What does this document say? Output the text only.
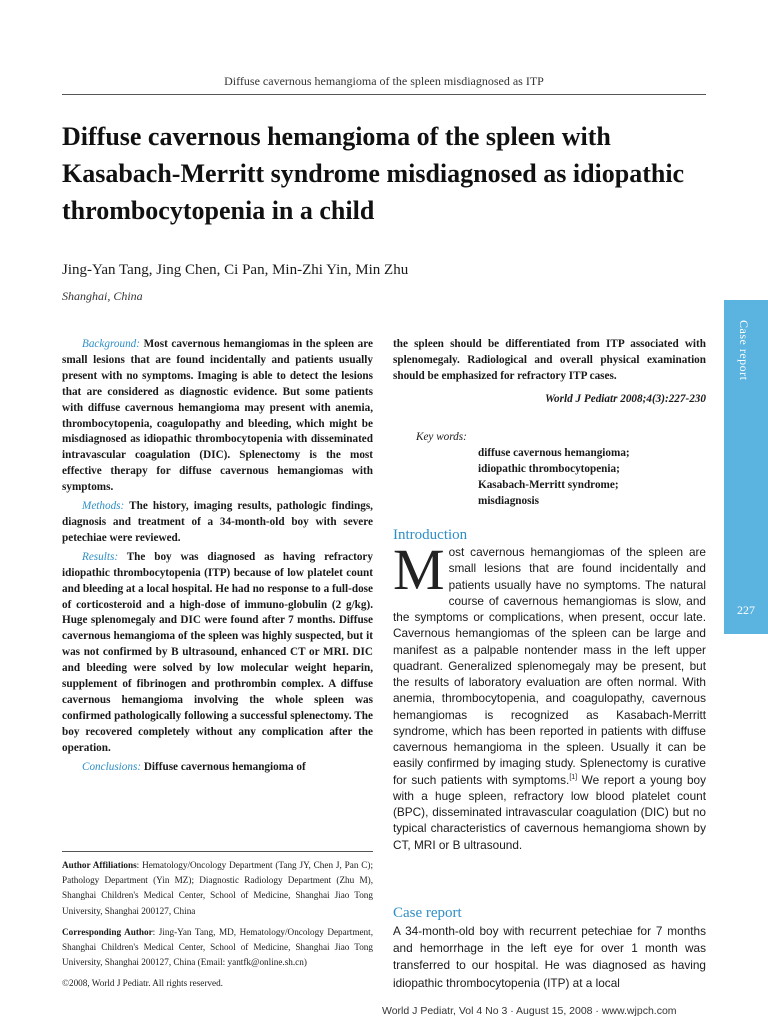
Diffuse cavernous hemangioma of the spleen misdiagnosed as ITP
Diffuse cavernous hemangioma of the spleen with Kasabach-Merritt syndrome misdiagnosed as idiopathic thrombocytopenia in a child
Jing-Yan Tang, Jing Chen, Ci Pan, Min-Zhi Yin, Min Zhu
Shanghai, China

Background: Most cavernous hemangiomas in the spleen are small lesions that are found incidentally and patients usually present with no symptoms. Imaging is able to detect the lesions that are considered as diagnostic evidence. But some patients with diffuse cavernous hemangioma may present with anemia, thrombocytopenia, coagulopathy and bleeding, which might be misdiagnosed as idiopathic thrombocytopenia with disseminated intravascular coagulation (DIC). Splenectomy is the most effective therapy for diffuse cavernous hemangiomas with symptoms.

Methods: The history, imaging results, pathologic findings, diagnosis and treatment of a 34-month-old boy with severe petechiae were reviewed.

Results: The boy was diagnosed as having refractory idiopathic thrombocytopenia (ITP) because of low platelet count and bleeding at a local hospital. He had no response to a full-dose of corticosteroid and a high-dose of immuno-globulin (2 g/kg). Huge splenomegaly and DIC were found after 7 months. Diffuse cavernous hemangioma of the spleen was highly suspected, but it was not confirmed by B ultrasound, enhanced CT or MRI. DIC and bleeding were solved by low molecular weight heparin, supplement of fibrinogen and prothrombin complex. A diffuse cavernous hemangioma involving the whole spleen was confirmed pathologically following a successful splenectomy. The boy recovered completely without any complication after the operation.

Conclusions: Diffuse cavernous hemangioma of

the spleen should be differentiated from ITP associated with splenomegaly. Radiological and overall physical examination should be emphasized for refractory ITP cases.

World J Pediatr 2008;4(3):227-230

Key words:
diffuse cavernous hemangioma;
idiopathic thrombocytopenia;
Kasabach-Merritt syndrome;
misdiagnosis

Author Affiliations: Hematology/Oncology Department (Tang JY, Chen J, Pan C); Pathology Department (Yin MZ); Diagnostic Radiology Department (Zhu M), Shanghai Children's Medical Center, School of Medicine, Shanghai Jiao Tong University, Shanghai 200127, China

Corresponding Author: Jing-Yan Tang, MD, Hematology/Oncology Department, Shanghai Children's Medical Center, School of Medicine, Shanghai Jiao Tong University, Shanghai 200127, China (Email: yantfk@online.sh.cn)

©2008, World J Pediatr. All rights reserved.

Introduction

Most cavernous hemangiomas of the spleen are small lesions that are found incidentally and patients usually have no symptoms. The natural course of cavernous hemangiomas is slow, and the symptoms or complications, when present, occur late. Cavernous hemangiomas of the spleen can be large and manifest as a palpable nontender mass in the left upper quadrant. Generalized splenomegaly may be present, but the results of laboratory evaluation are often normal. With anemia, thrombocytopenia, and coagulopathy, cavernous hemangiomas is recognized as Kasabach-Merritt syndrome, which has been reported in patients with diffuse cavernous hemangioma in the spleen. Usually it can be easily confirmed by imaging study. Splenectomy is curative for such patients with symptoms.[1] We report a young boy with a huge spleen, refractory low blood platelet count (BPC), disseminated intravascular coagulation (DIC) but no typical characteristics of cavernous hemangioma shown by CT, MRI or B ultrasound.

Case report

A 34-month-old boy with recurrent petechiae for 7 months and hemorrhage in the left eye for over 1 month was transferred to our hospital. He was diagnosed as having idiopathic thrombocytopenia (ITP) at a local

Case report
227
World J Pediatr, Vol 4 No 3 · August 15, 2008 · www.wjpch.com
